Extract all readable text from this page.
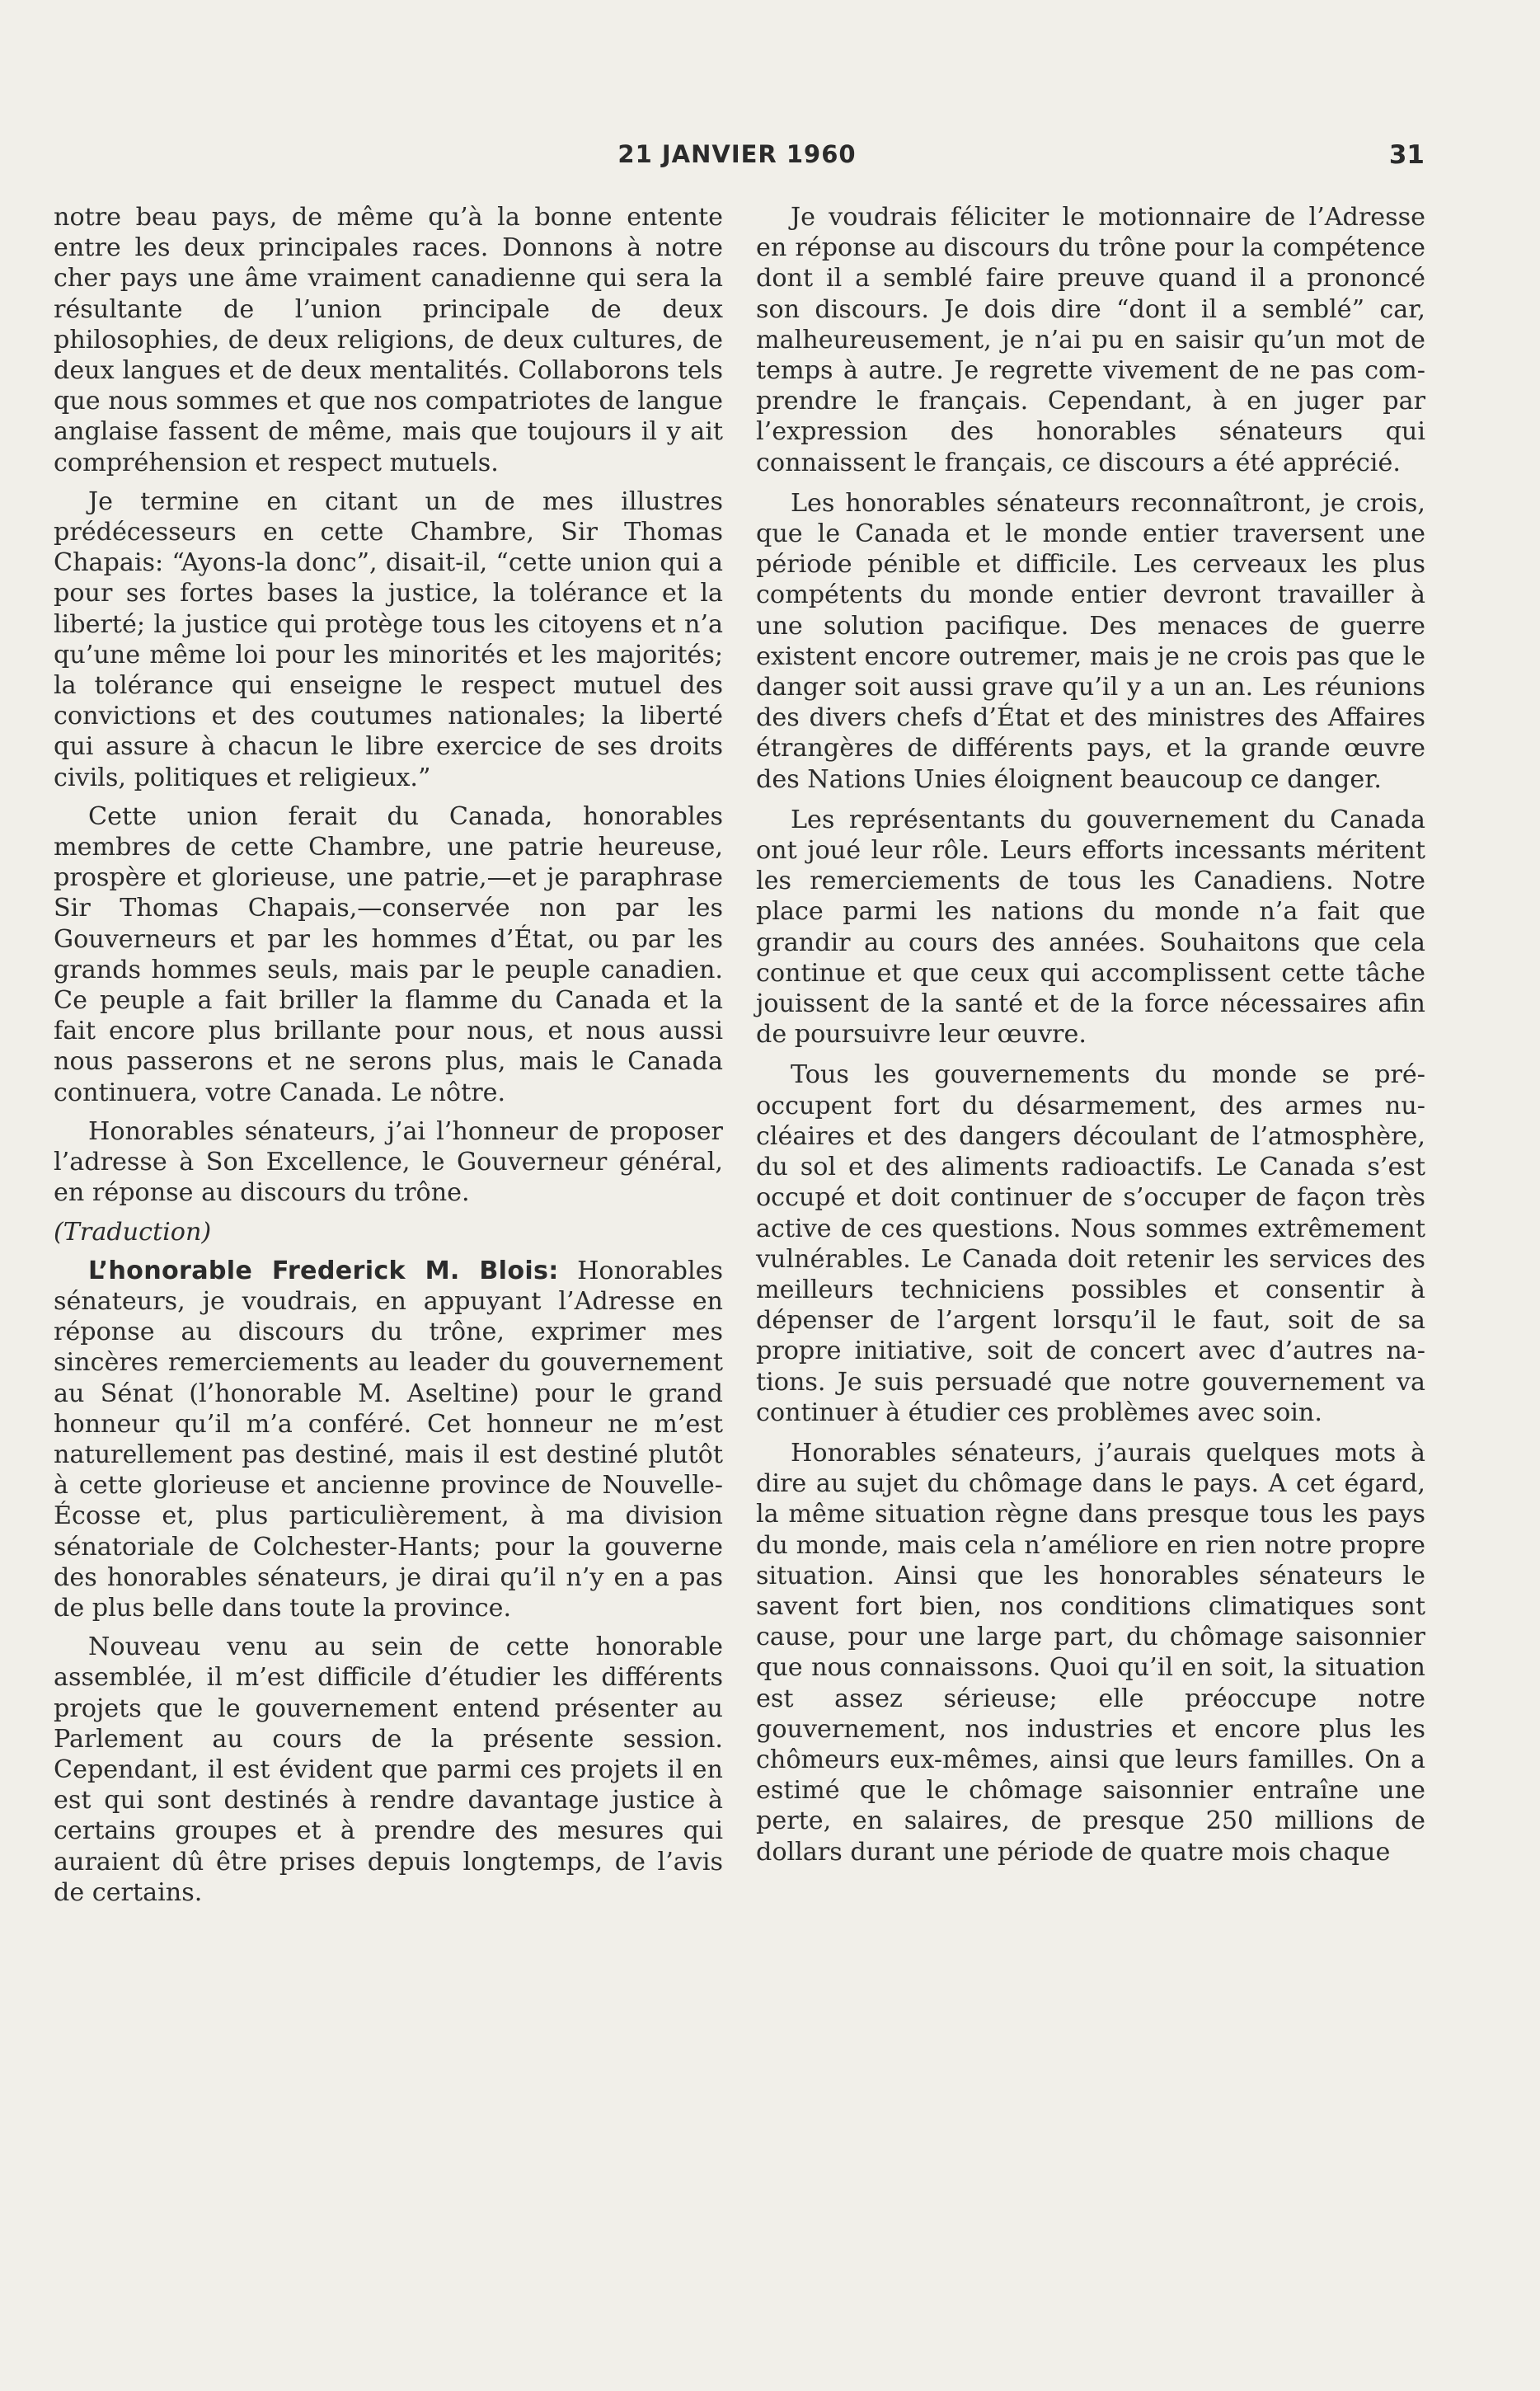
21 JANVIER 1960	31

notre beau pays, de même qu’à la bonne entente entre les deux principales races. Donnons à notre cher pays une âme vraiment canadienne qui sera la résultante de l’union principale de deux philosophies, de deux religions, de deux cultures, de deux langues et de deux mentalités. Collaborons tels que nous sommes et que nos compatriotes de langue anglaise fassent de même, mais que toujours il y ait compréhension et respect mutuels.

Je termine en citant un de mes illustres prédécesseurs en cette Chambre, Sir Thomas Chapais: “Ayons-la donc”, disait-il, “cette union qui a pour ses fortes bases la justice, la tolérance et la liberté; la justice qui protège tous les citoyens et n’a qu’une même loi pour les minorités et les majorités; la tolérance qui enseigne le respect mutuel des convictions et des coutumes nationales; la liberté qui assure à chacun le libre exercice de ses droits civils, politiques et religieux.”

Cette union ferait du Canada, honorables membres de cette Chambre, une patrie heureuse, prospère et glorieuse, une patrie,—et je paraphrase Sir Thomas Chapais,—conservée non par les Gouverneurs et par les hommes d’État, ou par les grands hommes seuls, mais par le peuple canadien. Ce peuple a fait briller la flamme du Canada et la fait encore plus brillante pour nous, et nous aussi nous passerons et ne serons plus, mais le Canada continuera, votre Canada. Le nôtre.

Honorables sénateurs, j’ai l’honneur de proposer l’adresse à Son Excellence, le Gouverneur général, en réponse au discours du trône.

(Traduction)

L’honorable Frederick M. Blois: Honorables sénateurs, je voudrais, en appuyant l’Adresse en réponse au discours du trône, exprimer mes sincères remerciements au leader du gouvernement au Sénat (l’honorable M. Aseltine) pour le grand honneur qu’il m’a conféré. Cet honneur ne m’est naturellement pas destiné, mais il est destiné plutôt à cette glorieuse et ancienne province de Nouvelle-Écosse et, plus particulièrement, à ma division sénatoriale de Colchester-Hants; pour la gouverne des honorables sénateurs, je dirai qu’il n’y en a pas de plus belle dans toute la province.

Nouveau venu au sein de cette honorable assemblée, il m’est difficile d’étudier les différents projets que le gouvernement entend présenter au Parlement au cours de la présente session. Cependant, il est évident que parmi ces projets il en est qui sont destinés à rendre davantage justice à certains groupes et à prendre des mesures qui auraient dû être prises depuis longtemps, de l’avis de certains.

Je voudrais féliciter le motionnaire de l’Adresse en réponse au discours du trône pour la compétence dont il a semblé faire preuve quand il a prononcé son discours. Je dois dire “dont il a semblé” car, malheureusement, je n’ai pu en saisir qu’un mot de temps à autre. Je regrette vivement de ne pas comprendre le français. Cependant, à en juger par l’expression des honorables sénateurs qui connaissent le français, ce discours a été apprécié.

Les honorables sénateurs reconnaîtront, je crois, que le Canada et le monde entier traversent une période pénible et difficile. Les cerveaux les plus compétents du monde entier devront travailler à une solution pacifique. Des menaces de guerre existent encore outremer, mais je ne crois pas que le danger soit aussi grave qu’il y a un an. Les réunions des divers chefs d’État et des ministres des Affaires étrangères de différents pays, et la grande œuvre des Nations Unies éloignent beaucoup ce danger.

Les représentants du gouvernement du Canada ont joué leur rôle. Leurs efforts incessants méritent les remerciements de tous les Canadiens. Notre place parmi les nations du monde n’a fait que grandir au cours des années. Souhaitons que cela continue et que ceux qui accomplissent cette tâche jouissent de la santé et de la force nécessaires afin de poursuivre leur œuvre.

Tous les gouvernements du monde se préoccupent fort du désarmement, des armes nucléaires et des dangers découlant de l’atmosphère, du sol et des aliments radioactifs. Le Canada s’est occupé et doit continuer de s’occuper de façon très active de ces questions. Nous sommes extrêmement vulnérables. Le Canada doit retenir les services des meilleurs techniciens possibles et consentir à dépenser de l’argent lorsqu’il le faut, soit de sa propre initiative, soit de concert avec d’autres nations. Je suis persuadé que notre gouvernement va continuer à étudier ces problèmes avec soin.

Honorables sénateurs, j’aurais quelques mots à dire au sujet du chômage dans le pays. A cet égard, la même situation règne dans presque tous les pays du monde, mais cela n’améliore en rien notre propre situation. Ainsi que les honorables sénateurs le savent fort bien, nos conditions climatiques sont cause, pour une large part, du chômage saisonnier que nous connaissons. Quoi qu’il en soit, la situation est assez sérieuse; elle préoccupe notre gouvernement, nos industries et encore plus les chômeurs eux-mêmes, ainsi que leurs familles. On a estimé que le chômage saisonnier entraîne une perte, en salaires, de presque 250 millions de dollars durant une période de quatre mois chaque
